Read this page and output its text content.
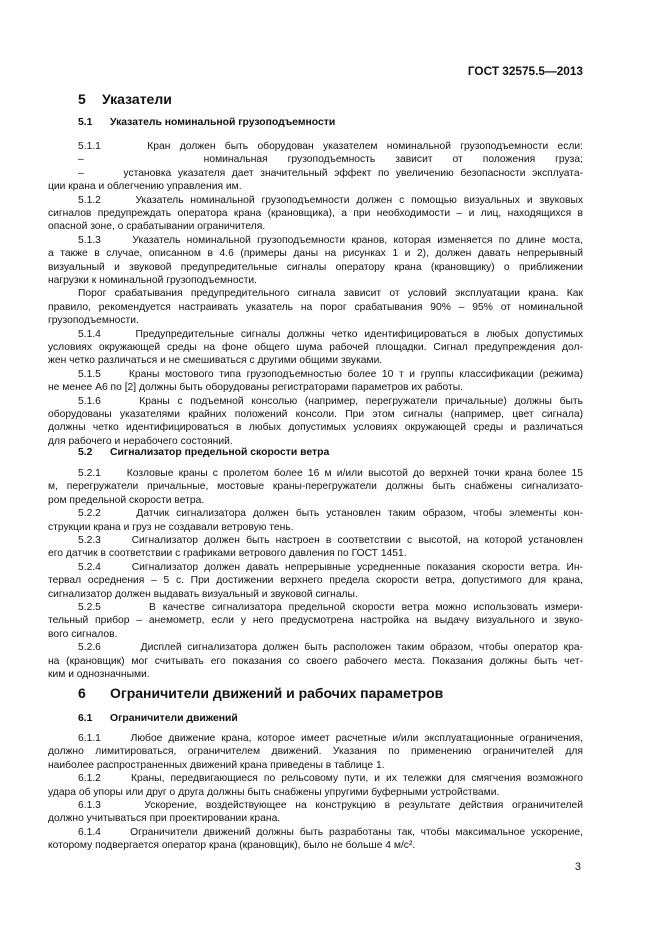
ГОСТ 32575.5—2013
5 Указатели
5.1 Указатель номинальной грузоподъемности
5.1.1     Кран должен быть оборудован указателем номинальной грузоподъемности если:
–      номинальная грузоподъемность зависит от положения груза;
–      установка указателя дает значительный эффект по увеличению безопасности эксплуата-
ции крана и облегчению управления им.
5.1.2     Указатель номинальной грузоподъемности должен с помощью визуальных и звуковых
сигналов предупреждать оператора крана (крановщика), а при необходимости – и лиц, находящихся в
опасной зоне, о срабатывании ограничителя.
5.1.3     Указатель номинальной грузоподъемности кранов, которая изменяется по длине моста,
а также в случае, описанном в 4.6 (примеры даны на рисунках 1 и 2), должен давать непрерывный
визуальный и звуковой предупредительные сигналы оператору крана (крановщику) о приближении
нагрузки к номинальной грузоподъемности.
Порог срабатывания предупредительного сигнала зависит от условий эксплуатации крана. Как
правило, рекомендуется настраивать указатель на порог срабатывания 90% – 95% от номинальной
грузоподъемности.
5.1.4     Предупредительные сигналы должны четко идентифицироваться в любых допустимых
условиях окружающей среды на фоне общего шума рабочей площадки. Сигнал предупреждения дол-
жен четко различаться и не смешиваться с другими общими звуками.
5.1.5     Краны мостового типа грузоподъемностью более 10 т и группы классификации (режима)
не менее А6 по [2] должны быть оборудованы регистраторами параметров их работы.
5.1.6     Краны с подъемной консолью (например, перегружатели причальные) должны быть
оборудованы указателями крайних положений консоли. При этом сигналы (например, цвет сигнала)
должны четко идентифицироваться в любых допустимых условиях окружающей среды и различаться
для рабочего и нерабочего состояний.
5.2 Cигнализатор предельной скорости ветра
5.2.1     Козловые краны с пролетом более 16 м и/или высотой до верхней точки крана более 15
м, перегружатели причальные, мостовые краны-перегружатели должны быть снабжены сигнализато-
ром предельной скорости ветра.
5.2.2     Датчик сигнализатора должен быть установлен таким образом, чтобы элементы кон-
струкции крана и груз не создавали ветровую тень.
5.2.3     Сигнализатор должен быть настроен в соответствии с высотой, на которой установлен
его датчик в соответствии с графиками ветрового давления по ГОСТ 1451.
5.2.4     Сигнализатор должен давать непрерывные усредненные показания скорости ветра. Ин-
тервал осреднения – 5 с. При достижении верхнего предела скорости ветра, допустимого для крана,
сигнализатор должен выдавать визуальный и звуковой сигналы.
5.2.5       В качестве сигнализатора предельной скорости ветра можно использовать измери-
тельный прибор – анемометр, если у него предусмотрена настройка на выдачу визуального и звуко-
вого сигналов.
5.2.6       Дисплей сигнализатора должен быть расположен таким образом, чтобы оператор кра-
на (крановщик) мог считывать его показания со своего рабочего места. Показания должны быть чет-
ким и однозначными.
6 Ограничители движений и рабочих параметров
6.1 Ограничители движений
6.1.1     Любое движение крана, которое имеет расчетные и/или эксплуатационные ограничения,
должно лимитироваться, ограничителем движений. Указания по применению ограничителей для
наиболее распространенных движений крана приведены в таблице 1.
6.1.2     Краны, передвигающиеся по рельсовому пути, и их тележки для смягчения возможного
удара об упоры или друг о друга должны быть снабжены упругими буферными устройствами.
6.1.3     Ускорение, воздействующее на конструкцию в результате действия ограничителей
должно учитываться при проектировании крана.
6.1.4     Ограничители движений должны быть разработаны так, чтобы максимальное ускорение,
которому подвергается оператор крана (крановщик), было не больше 4 м/с².
3
